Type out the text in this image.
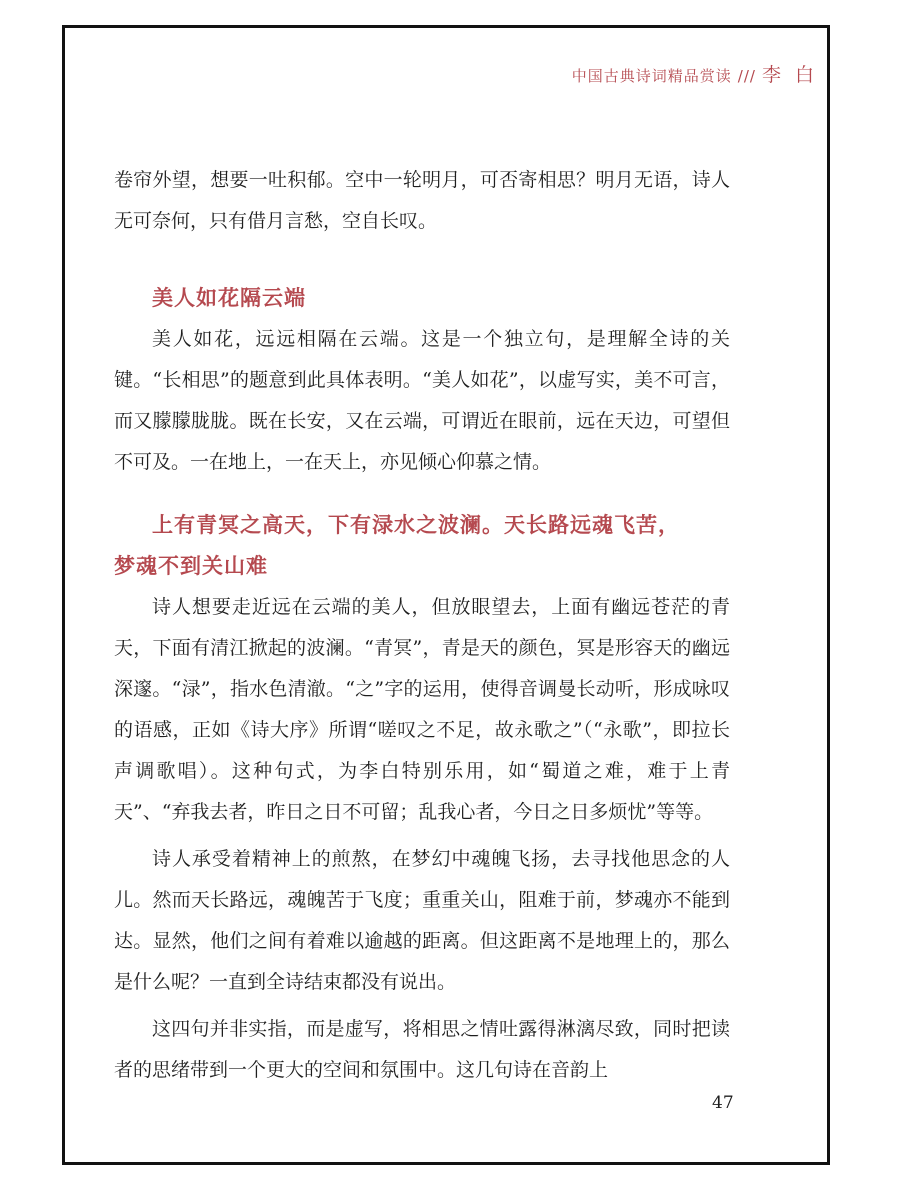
中国古典诗词精品赏读 /// 李 白

卷帘外望，想要一吐积郁。空中一轮明月，可否寄相思？明月无语，诗人无可奈何，只有借月言愁，空自长叹。

美人如花隔云端

美人如花，远远相隔在云端。这是一个独立句，是理解全诗的关键。“长相思”的题意到此具体表明。“美人如花”，以虚写实，美不可言，而又朦朦胧胧。既在长安，又在云端，可谓近在眼前，远在天边，可望但不可及。一在地上，一在天上，亦见倾心仰慕之情。

上有青冥之高天，下有渌水之波澜。天长路远魂飞苦，
梦魂不到关山难

诗人想要走近远在云端的美人，但放眼望去，上面有幽远苍茫的青天，下面有清江掀起的波澜。“青冥”，青是天的颜色，冥是形容天的幽远深邃。“渌”，指水色清澈。“之”字的运用，使得音调曼长动听，形成咏叹的语感，正如《诗大序》所谓“嗟叹之不足，故永歌之”（“永歌”，即拉长声调歌唱）。这种句式，为李白特别乐用，如“蜀道之难，难于上青天”、“弃我去者，昨日之日不可留；乱我心者，今日之日多烦忧”等等。

诗人承受着精神上的煎熬，在梦幻中魂魄飞扬，去寻找他思念的人儿。然而天长路远，魂魄苦于飞度；重重关山，阻难于前，梦魂亦不能到达。显然，他们之间有着难以逾越的距离。但这距离不是地理上的，那么是什么呢？一直到全诗结束都没有说出。

这四句并非实指，而是虚写，将相思之情吐露得淋漓尽致，同时把读者的思绪带到一个更大的空间和氛围中。这几句诗在音韵上

47
